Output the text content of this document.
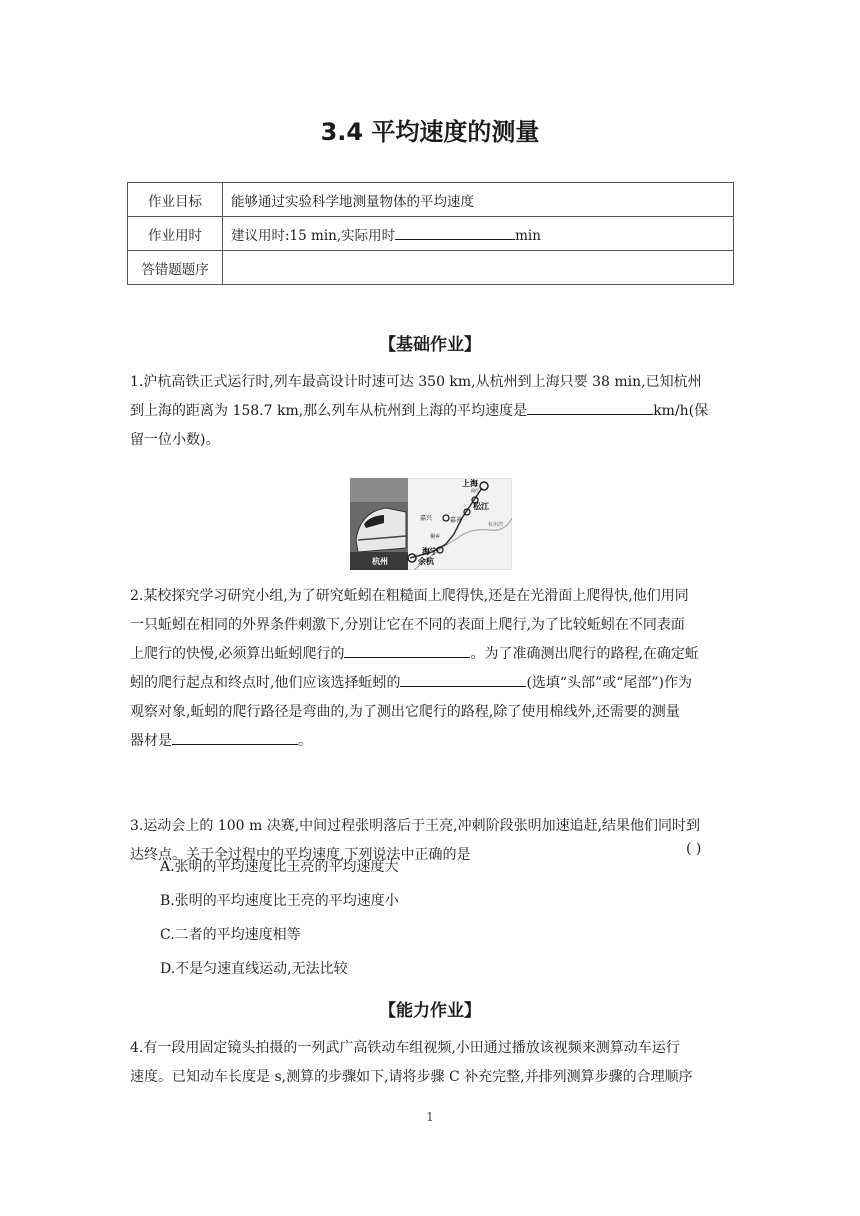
3.4 平均速度的测量
作业目标	能够通过实验科学地测量物体的平均速度
作业用时	建议用时:15 min,实际用时 min
答错题题序	
【基础作业】

1.沪杭高铁正式运行时,列车最高设计时速可达 350 km,从杭州到上海只要 38 min,已知杭州

到上海的距离为 158.7 km,那么列车从杭州到上海的平均速度是	km/h(保

留一位小数)。

上海
闵行
松江
嘉兴	嘉善
杭州湾
桐乡
海宁
杭州	余杭

2.某校探究学习研究小组,为了研究蚯蚓在粗糙面上爬得快,还是在光滑面上爬得快,他们用同

一只蚯蚓在相同的外界条件刺激下,分别让它在不同的表面上爬行,为了比较蚯蚓在不同表面

上爬行的快慢,必须算出蚯蚓爬行的	。为了准确测出爬行的路程,在确定蚯

蚓的爬行起点和终点时,他们应该选择蚯蚓的	(选填“头部”或“尾部”)作为

观察对象,蚯蚓的爬行路径是弯曲的,为了测出它爬行的路程,除了使用棉线外,还需要的测量

器材是	。

3.运动会上的 100 m 决赛,中间过程张明落后于王亮,冲刺阶段张明加速追赶,结果他们同时到

达终点。关于全过程中的平均速度,下列说法中正确的是	( )
A.张明的平均速度比王亮的平均速度大
B.张明的平均速度比王亮的平均速度小
C.二者的平均速度相等
D.不是匀速直线运动,无法比较
【能力作业】

4.有一段用固定镜头拍摄的一列武广高铁动车组视频,小田通过播放该视频来测算动车运行

速度。已知动车长度是 s,测算的步骤如下,请将步骤 C 补充完整,并排列测算步骤的合理顺序

1
